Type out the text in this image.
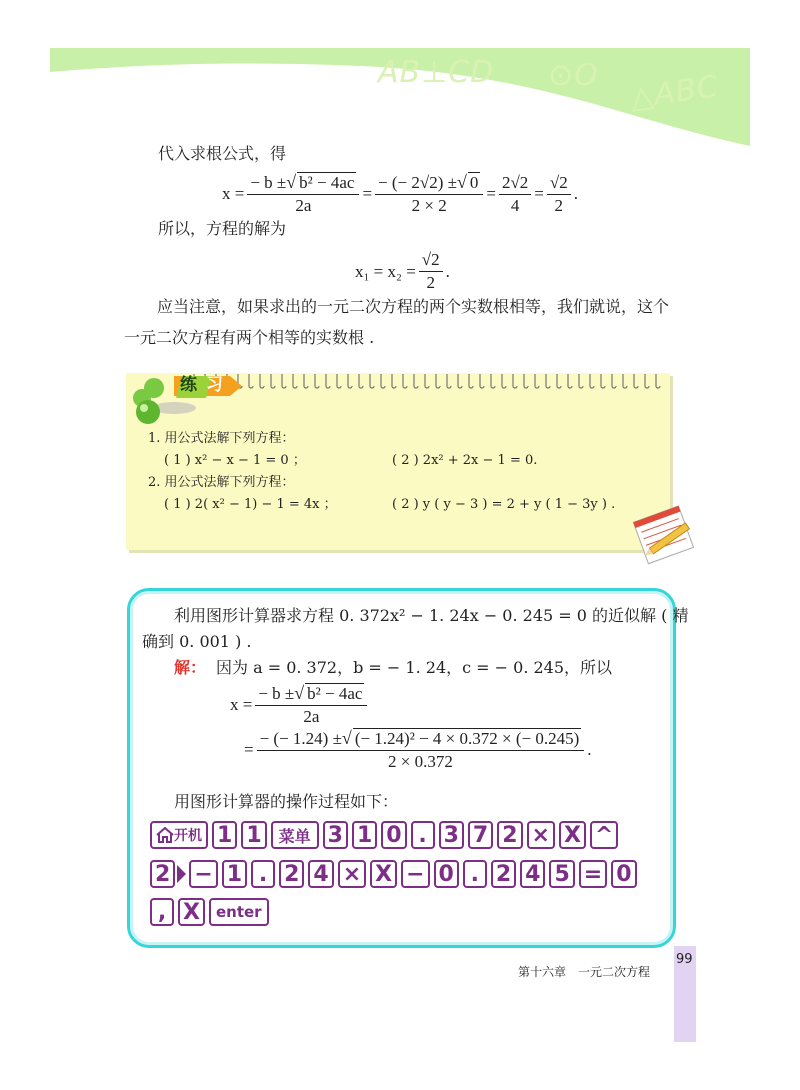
AB⊥CD ⊙O △ABC
代入求根公式，得
$x = \frac{\text{− b ±√ b² − 4ac}}{2a} = \frac{- (- 2√2) \pm√ 0}{2 \times 2} = \frac{2√2}{4} = \frac{√2}{2}$ .
所以，方程的解为
$x_1 = x_2 = \frac{√2}{2}$ .
应当注意，如果求出的一元二次方程的两个实数根相等，我们就说，这个一元二次方程有两个相等的实数根 .
练 习
1. 用公式法解下列方程：
( 1 ) x² − x − 1 = 0 ；	( 2 ) 2x² + 2x − 1 = 0.
2. 用公式法解下列方程：
( 1 ) 2( x² − 1) − 1 = 4x ；	( 2 ) y ( y − 3 ) = 2 + y ( 1 − 3y ) .
利用图形计算器求方程 0. 372x² − 1. 24x − 0. 245 = 0 的近似解 ( 精
确到 0. 001 ) .
解： 因为 a = 0. 372，b = − 1. 24，c = − 0. 245，所以
$x = \frac{\text{− b ±√ b² − 4ac}}{2a}$
= $\frac{\text{− (− 1.24) ±√ (− 1.24)² − 4 × 0.372 × (− 0.245)}}{2 \times 0.372}$ .
用图形计算器的操作过程如下：
开机 1 1	菜单 3 1 0 . 3 7 2 × X ^
2 − 1 . 2 4 × X − 0 . 2 4 5 = 0
, X	enter
第十六章　一元二次方程
99
